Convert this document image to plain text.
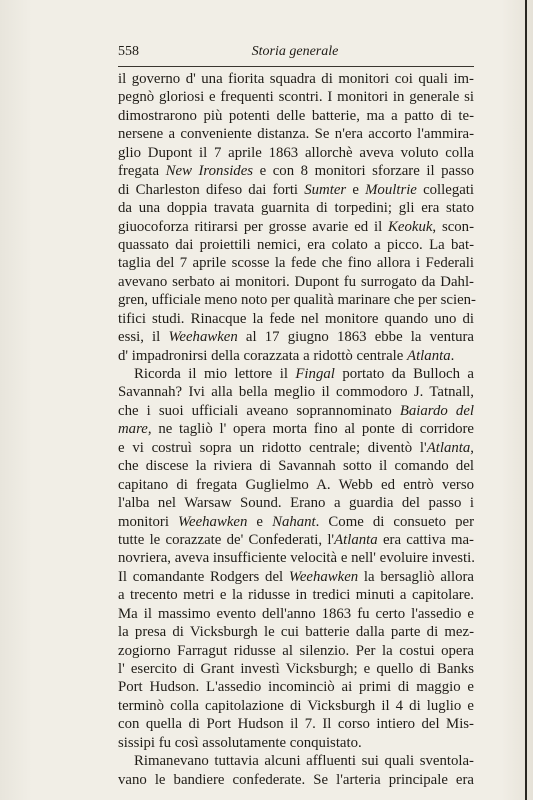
558	Storia generale
il governo d' una fiorita squadra di monitori coi quali im-
pegnò gloriosi e frequenti scontri. I monitori in generale si
dimostrarono più potenti delle batterie, ma a patto di te-
nersene a conveniente distanza. Se n'era accorto l'ammira-
glio Dupont il 7 aprile 1863 allorchè aveva voluto colla
fregata New Ironsides e con 8 monitori sforzare il passo
di Charleston difeso dai forti Sumter e Moultrie collegati
da una doppia travata guarnita di torpedini; gli era stato
giuocoforza ritirarsi per grosse avarie ed il Keokuk, scon-
quassato dai proiettili nemici, era colato a picco. La bat-
taglia del 7 aprile scosse la fede che fino allora i Federali
avevano serbato ai monitori. Dupont fu surrogato da Dahl-
gren, ufficiale meno noto per qualità marinare che per scien-
tifici studi. Rinacque la fede nel monitore quando uno di
essi, il Weehawken al 17 giugno 1863 ebbe la ventura
d' impadronirsi della corazzata a ridottò centrale Atlanta.
Ricorda il mio lettore il Fingal portato da Bulloch a
Savannah? Ivi alla bella meglio il commodoro J. Tatnall,
che i suoi ufficiali aveano soprannominato Baiardo del
mare, ne tagliò l' opera morta fino al ponte di corridore
e vi costruì sopra un ridotto centrale; diventò l'Atlanta,
che discese la riviera di Savannah sotto il comando del
capitano di fregata Guglielmo A. Webb ed entrò verso
l'alba nel Warsaw Sound. Erano a guardia del passo i
monitori Weehawken e Nahant. Come di consueto per
tutte le corazzate de' Confederati, l'Atlanta era cattiva ma-
novriera, aveva insufficiente velocità e nell' evoluire investi.
Il comandante Rodgers del Weehawken la bersagliò allora
a trecento metri e la ridusse in tredici minuti a capitolare.
Ma il massimo evento dell'anno 1863 fu certo l'assedio e
la presa di Vicksburgh le cui batterie dalla parte di mez-
zogiorno Farragut ridusse al silenzio. Per la costui opera
l' esercito di Grant investì Vicksburgh; e quello di Banks
Port Hudson. L'assedio incominciò ai primi di maggio e
terminò colla capitolazione di Vicksburgh il 4 di luglio e
con quella di Port Hudson il 7. Il corso intiero del Mis-
sissipi fu così assolutamente conquistato.
Rimanevano tuttavia alcuni affluenti sui quali sventola-
vano le bandiere confederate. Se l'arteria principale era
